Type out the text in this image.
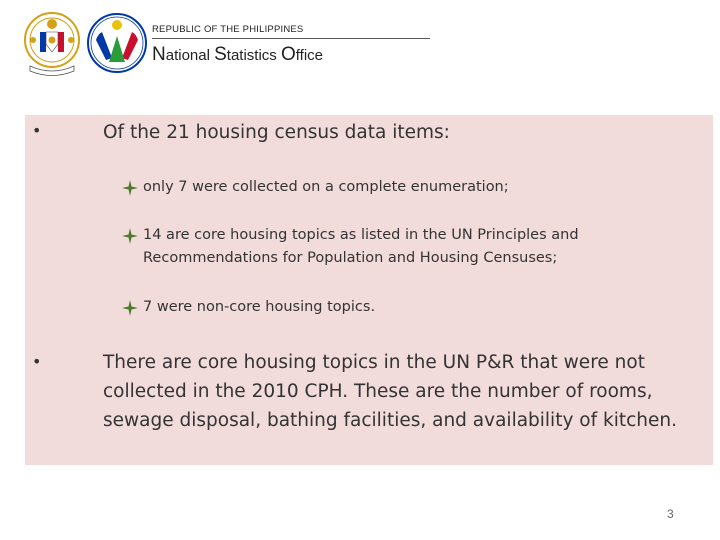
REPUBLIC OF THE PHILIPPINES
National Statistics Office
•	Of the 21 housing census data items:
only 7 were collected on a complete enumeration;
14 are core housing topics as listed in the UN Principles and
Recommendations for Population and Housing Censuses;
7 were non-core housing topics.
•	There are core housing topics in the UN P&R that were not
collected in the 2010 CPH. These are the number of rooms,
sewage disposal, bathing facilities, and availability of kitchen.
3
